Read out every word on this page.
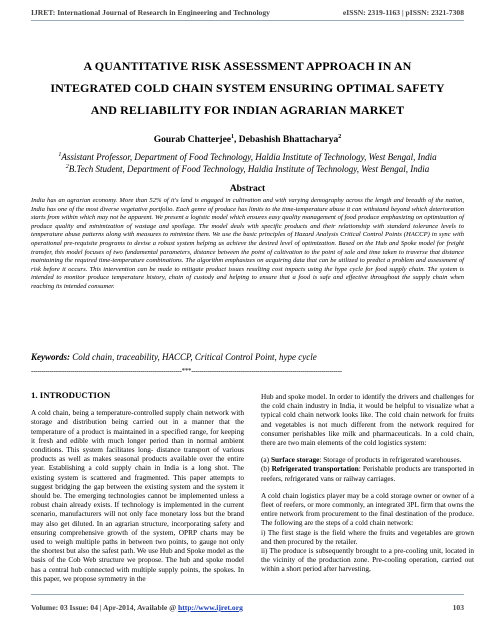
IJRET: International Journal of Research in Engineering and Technology	eISSN: 2319-1163 | pISSN: 2321-7308
A QUANTITATIVE RISK ASSESSMENT APPROACH IN AN
INTEGRATED COLD CHAIN SYSTEM ENSURING OPTIMAL SAFETY
AND RELIABILITY FOR INDIAN AGRARIAN MARKET

Gourab Chatterjee$^1$, Debashish Bhattacharya$^2$

$^1$Assistant Professor, Department of Food Technology, Haldia Institute of Technology, West Bengal, India

$^2$B.Tech Student, Department of Food Technology, Haldia Institute of Technology, West Bengal, India

Abstract

India has an agrarian economy. More than 52% of it's land is engaged in cultivation and with varying demography across the length and breadth of the nation, India has one of the most diverse vegetative portfolio. Each genre of produce has limits to the time-temperature abuse it can withstand beyond which deterioration starts from within which may not be apparent. We present a logistic model which ensures easy quality management of food produce emphasizing on optimization of produce quality and minimization of wastage and spoilage. The model deals with specific products and their relationship with standard tolerance levels to temperature abuse patterns along with measures to minimize them. We use the basic principles of Hazard Analysis Critical Control Points (HACCP) in sync with operational pre-requisite programs to devise a robust system helping us achieve the desired level of optimization. Based on the Hub and Spoke model for freight transfer, this model focuses of two fundamental parameters, distance between the point of cultivation to the point of sale and time taken to traverse that distance maintaining the required time-temperature combinations. The algorithm emphasizes on acquiring data that can be utilized to predict a problem and assessment of risk before it occurs. This intervention can be made to mitigate product issues resulting cost impacts using the hype cycle for food supply chain. The system is intended to monitor produce temperature history, chain of custody and helping to ensure that a food is safe and effective throughout the supply chain when reaching its intended consumer.

Keywords: Cold chain, traceability, HACCP, Critical Control Point, hype cycle

-------------------------------------------------------------------------***-------------------------------------------------------------------------

1. INTRODUCTION

A cold chain, being a temperature-controlled supply chain network with storage and distribution being carried out in a manner that the temperature of a product is maintained in a specified range, for keeping it fresh and edible with much longer period than in normal ambient conditions. This system facilitates long- distance transport of various products as well as makes seasonal products available over the entire year. Establishing a cold supply chain in India is a long shot. The existing system is scattered and fragmented. This paper attempts to suggest bridging the gap between the existing system and the system it should be. The emerging technologies cannot be implemented unless a robust chain already exists. If technology is implemented in the current scenario, manufacturers will not only face monetary loss but the brand may also get diluted. In an agrarian structure, incorporating safety and ensuring comprehensive growth of the system, OPRP charts may be used to weigh multiple paths in between two points, to gauge not only the shortest but also the safest path. We use Hub and Spoke model as the basis of the Cob Web structure we propose. The hub and spoke model has a central hub connected with multiple supply points, the spokes. In this paper, we propose symmetry in the

Hub and spoke model. In order to identify the drivers and challenges for the cold chain industry in India, it would be helpful to visualize what a typical cold chain network looks like. The cold chain network for fruits and vegetables is not much different from the network required for consumer perishables like milk and pharmaceuticals. In a cold chain, there are two main elements of the cold logistics system:

(a) Surface storage: Storage of products in refrigerated warehouses.

(b) Refrigerated transportation: Perishable products are transported in reefers, refrigerated vans or railway carriages.

A cold chain logistics player may be a cold storage owner or owner of a fleet of reefers, or more commonly, an integrated 3PL firm that owns the entire network from procurement to the final destination of the produce. The following are the steps of a cold chain network:

i) The first stage is the field where the fruits and vegetables are grown and then procured by the retailer.

ii) The produce is subsequently brought to a pre-cooling unit, located in the vicinity of the production zone. Pre-cooling operation, carried out within a short period after harvesting,

Volume: 03 Issue: 04 | Apr-2014, Available @ http://www.ijret.org	103
